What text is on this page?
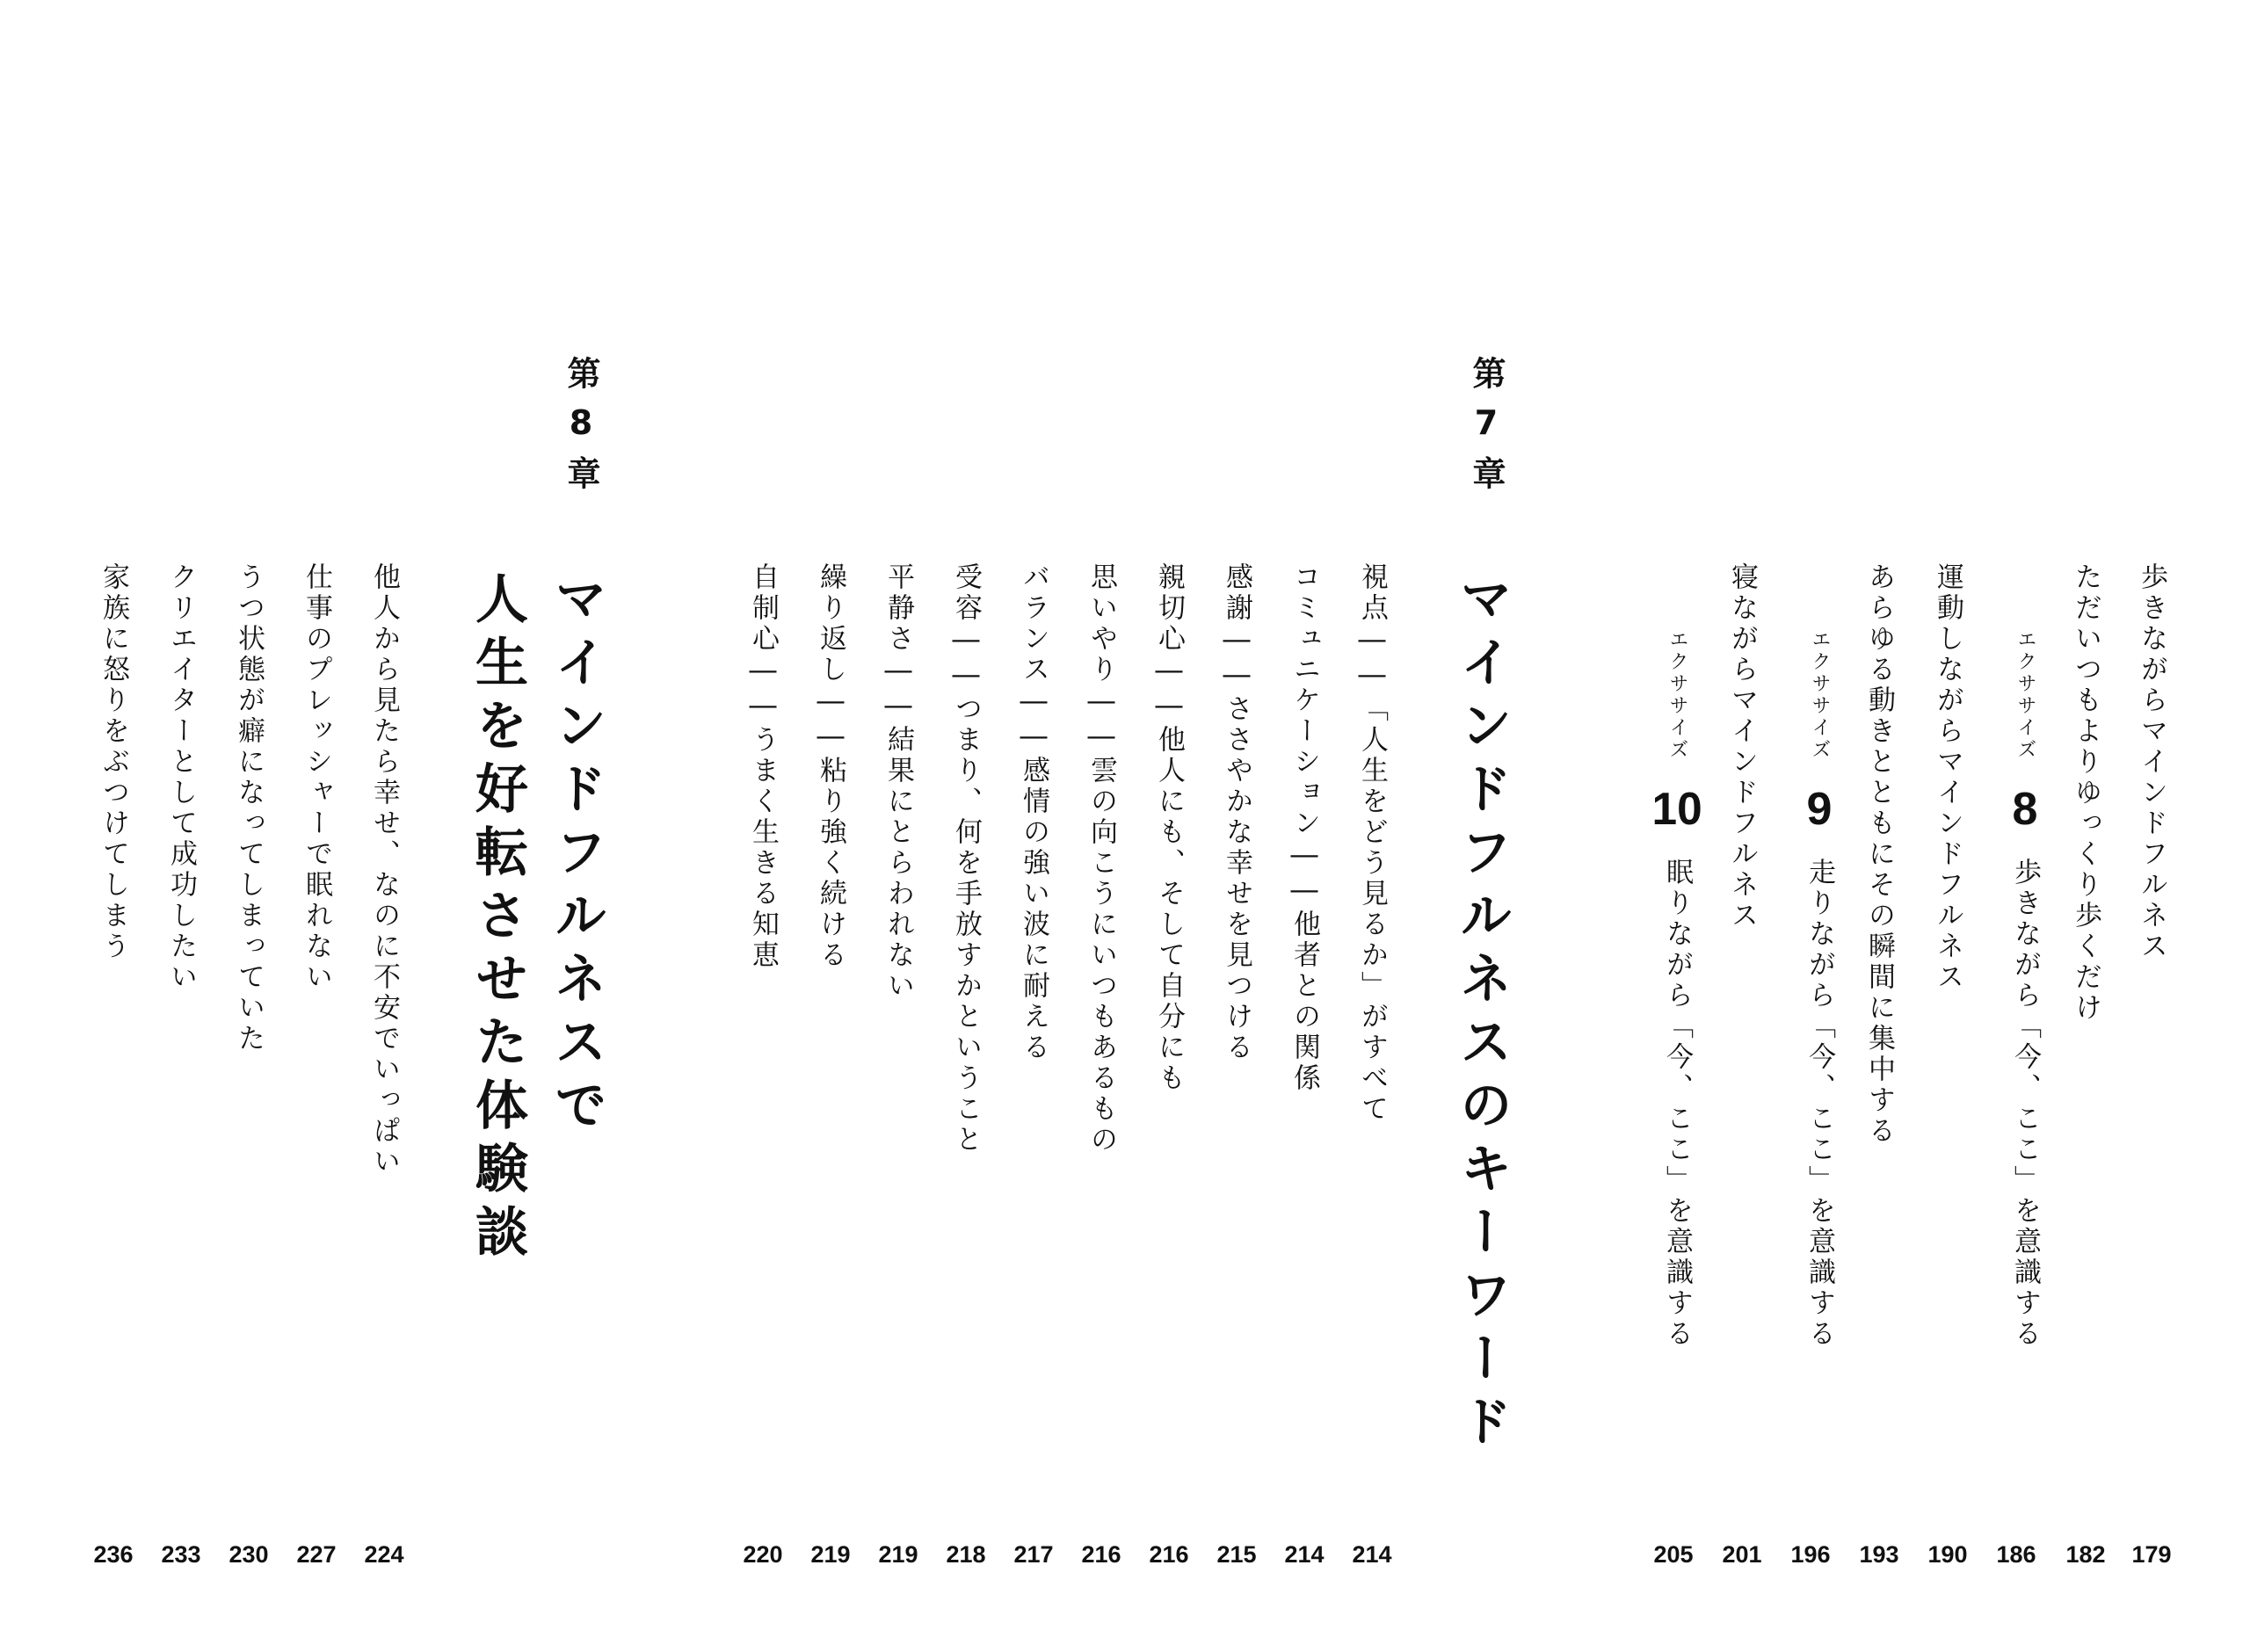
歩きながらマインドフルネス
ただいつもよりゆっくり歩くだけ
エクササイズ 8 歩きながら「今、ここ」を意識する
運動しながらマインドフルネス
あらゆる動きとともにその瞬間に集中する
エクササイズ 9 走りながら「今、ここ」を意識する
寝ながらマインドフルネス
エクササイズ 10 眠りながら「今、ここ」を意識する
第7章
マインドフルネスのキーワード
視点――「人生をどう見るか」がすべて
コミュニケーション――他者との関係
感謝――ささやかな幸せを見つける
親切心――他人にも、そして自分にも
思いやり――雲の向こうにいつもあるもの
バランス――感情の強い波に耐える
受容――つまり、何を手放すかということ
平静さ――結果にとらわれない
繰り返し――粘り強く続ける
自制心――うまく生きる知恵
第8章
マインドフルネスで
人生を好転させた体験談
他人から見たら幸せ、なのに不安でいっぱい
仕事のプレッシャーで眠れない
うつ状態が癖になってしまっていた
クリエイターとして成功したい
家族に怒りをぶつけてしまう
179
182
186
190
193
196
201
205
214
214
215
216
216
217
218
219
219
220
224
227
230
233
236
